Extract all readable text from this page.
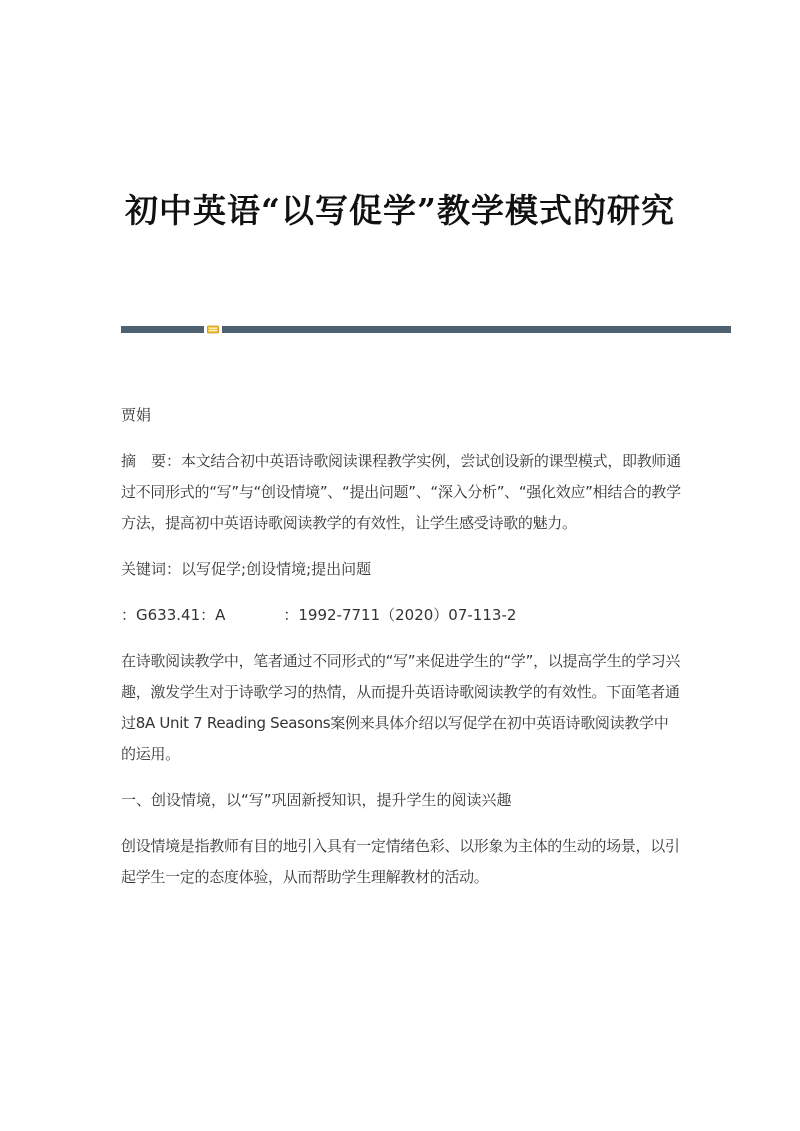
初中英语“以写促学”教学模式的研究

贾娟

摘　要：本文结合初中英语诗歌阅读课程教学实例，尝试创设新的课型模式，即教师通过不同形式的“写”与“创设情境”、“提出问题”、“深入分析”、“强化效应”相结合的教学方法，提高初中英语诗歌阅读教学的有效性，让学生感受诗歌的魅力。

关键词：以写促学;创设情境;提出问题

：G633.41：A	：1992-7711（2020）07-113-2

在诗歌阅读教学中，笔者通过不同形式的“写”来促进学生的“学”，以提高学生的学习兴趣，激发学生对于诗歌学习的热情，从而提升英语诗歌阅读教学的有效性。下面笔者通过8A Unit 7 Reading Seasons案例来具体介绍以写促学在初中英语诗歌阅读教学中的运用。

一、创设情境，以“写”巩固新授知识，提升学生的阅读兴趣

创设情境是指教师有目的地引入具有一定情绪色彩、以形象为主体的生动的场景，以引起学生一定的态度体验，从而帮助学生理解教材的活动。
